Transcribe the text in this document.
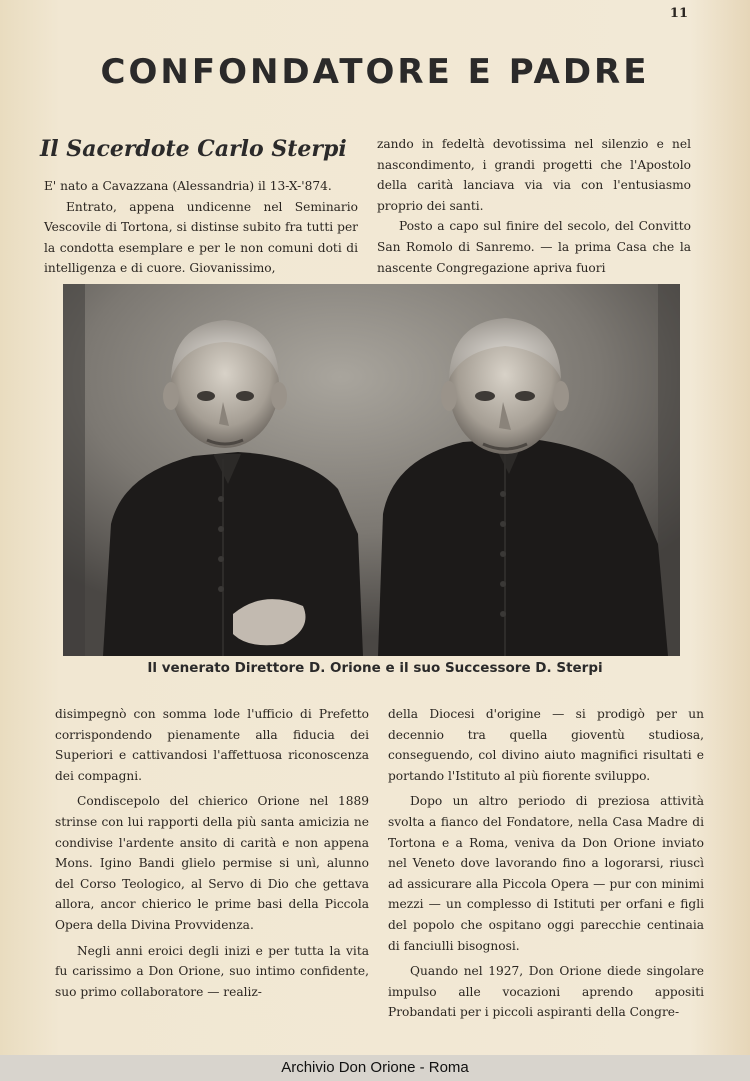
11
CONFONDATORE E PADRE
Il Sacerdote Carlo Sterpi

E' nato a Cavazzana (Alessandria) il 13-X-'874.

Entrato, appena undicenne nel Seminario Vescovile di Tortona, si distinse subito fra tutti per la condotta esemplare e per le non comuni doti di intelligenza e di cuore. Giovanissimo,

zando in fedeltà devotissima nel silenzio e nel nascondimento, i grandi progetti che l'Apostolo della carità lanciava via via con l'entusiasmo proprio dei santi.

Posto a capo sul finire del secolo, del Convitto San Romolo di Sanremo. — la prima Casa che la nascente Congregazione apriva fuori

Il venerato Direttore D. Orione e il suo Successore D. Sterpi

disimpegnò con somma lode l'ufficio di Prefetto corrispondendo pienamente alla fiducia dei Superiori e cattivandosi l'affettuosa riconoscenza dei compagni.

Condiscepolo del chierico Orione nel 1889 strinse con lui rapporti della più santa amicizia ne condivise l'ardente ansito di carità e non appena Mons. Igino Bandi glielo permise si unì, alunno del Corso Teologico, al Servo di Dio che gettava allora, ancor chierico le prime basi della Piccola Opera della Divina Provvidenza.

Negli anni eroici degli inizi e per tutta la vita fu carissimo a Don Orione, suo intimo confidente, suo primo collaboratore — realiz-

della Diocesi d'origine — si prodigò per un decennio tra quella gioventù studiosa, conseguendo, col divino aiuto magnifici risultati e portando l'Istituto al più fiorente sviluppo.

Dopo un altro periodo di preziosa attività svolta a fianco del Fondatore, nella Casa Madre di Tortona e a Roma, veniva da Don Orione inviato nel Veneto dove lavorando fino a logorarsi, riuscì ad assicurare alla Piccola Opera — pur con minimi mezzi — un complesso di Istituti per orfani e figli del popolo che ospitano oggi parecchie centinaia di fanciulli bisognosi.

Quando nel 1927, Don Orione diede singolare impulso alle vocazioni aprendo appositi Probandati per i piccoli aspiranti della Congre-

Archivio Don Orione - Roma
